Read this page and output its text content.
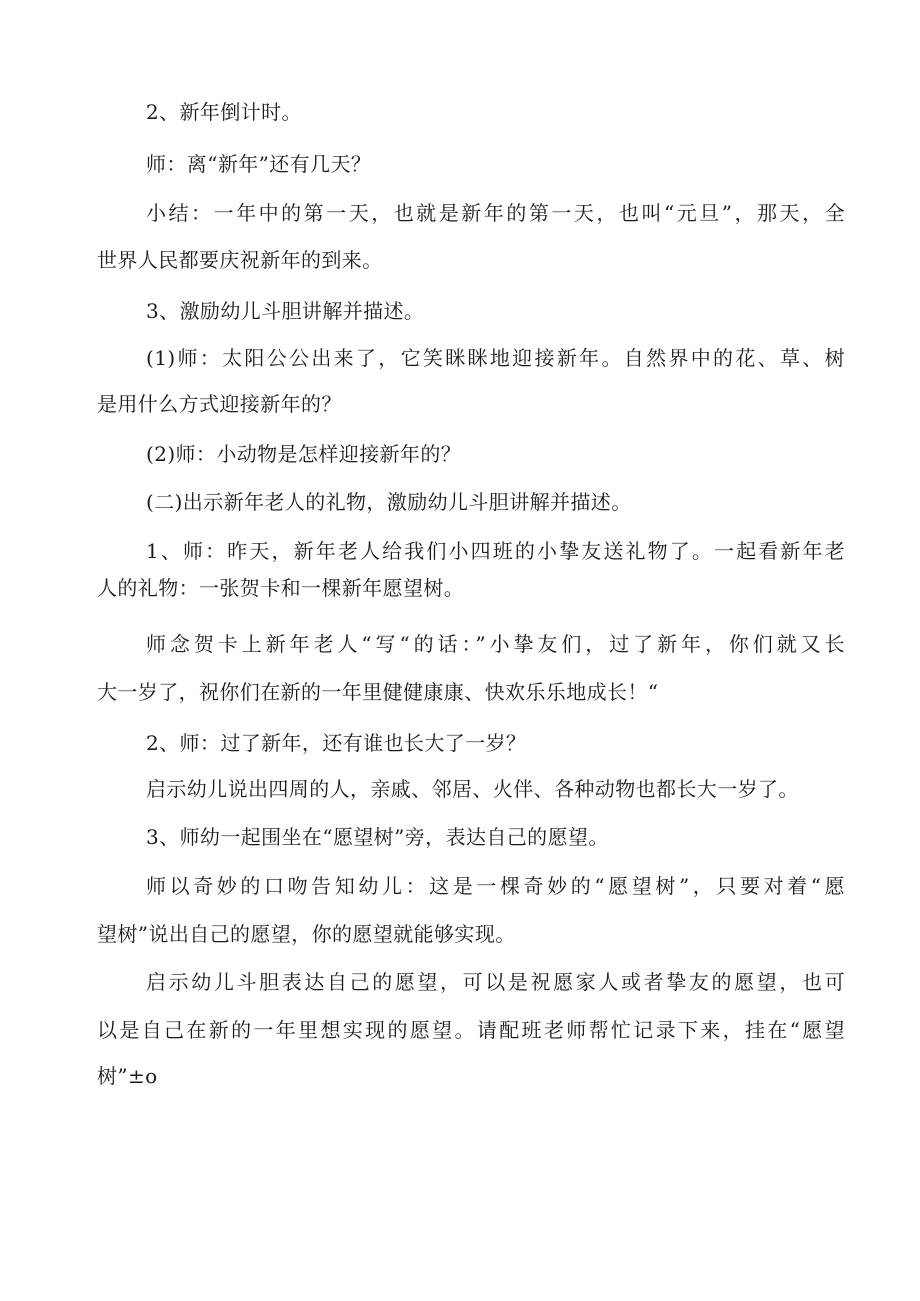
2、新年倒计时。

师：离“新年”还有几天？

小结：一年中的第一天，也就是新年的第一天，也叫“元旦”，那天，全

世界人民都要庆祝新年的到来。

3、激励幼儿斗胆讲解并描述。

(1)师：太阳公公出来了，它笑眯眯地迎接新年。自然界中的花、草、树

是用什么方式迎接新年的？

(2)师：小动物是怎样迎接新年的？

(二)出示新年老人的礼物，激励幼儿斗胆讲解并描述。

1、师：昨天，新年老人给我们小四班的小挚友送礼物了。一起看新年老

人的礼物：一张贺卡和一棵新年愿望树。

师念贺卡上新年老人“写“的话：”小挚友们，过了新年，你们就又长

大一岁了，祝你们在新的一年里健健康康、快欢乐乐地成长！“

2、师：过了新年，还有谁也长大了一岁？

启示幼儿说出四周的人，亲戚、邻居、火伴、各种动物也都长大一岁了。

3、师幼一起围坐在“愿望树”旁，表达自己的愿望。

师以奇妙的口吻告知幼儿：这是一棵奇妙的“愿望树”，只要对着“愿

望树”说出自己的愿望，你的愿望就能够实现。

启示幼儿斗胆表达自己的愿望，可以是祝愿家人或者挚友的愿望，也可

以是自己在新的一年里想实现的愿望。请配班老师帮忙记录下来，挂在“愿望

树”±o
